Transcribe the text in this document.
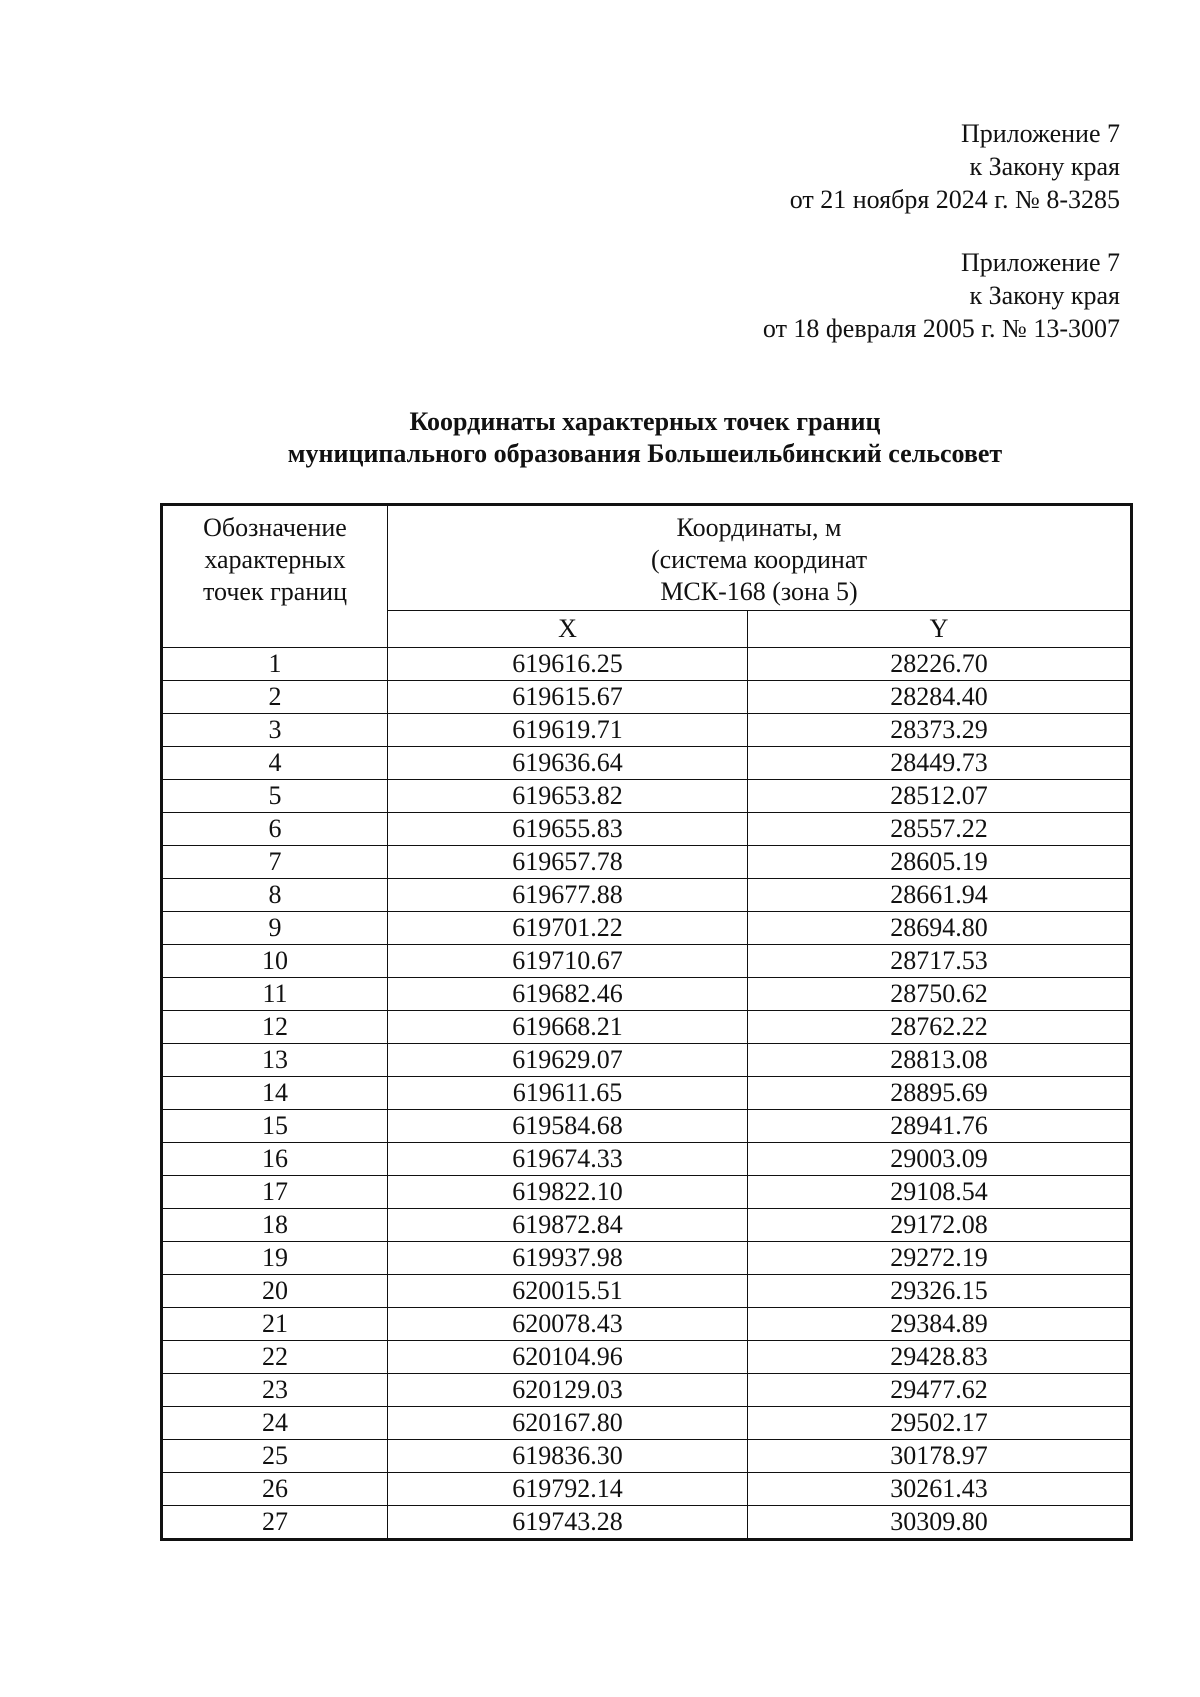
Приложение 7
к Закону края
от 21 ноября 2024 г. № 8-3285
Приложение 7
к Закону края
от 18 февраля 2005 г. № 13-3007
Координаты характерных точек границ
муниципального образования Большеильбинский сельсовет
Обозначение
характерных
точек границ	Координаты, м
(система координат
МСК-168 (зона 5)	

	X	Y
1	619616.25	28226.70
2	619615.67	28284.40
3	619619.71	28373.29
4	619636.64	28449.73
5	619653.82	28512.07
6	619655.83	28557.22
7	619657.78	28605.19
8	619677.88	28661.94
9	619701.22	28694.80
10	619710.67	28717.53
11	619682.46	28750.62
12	619668.21	28762.22
13	619629.07	28813.08
14	619611.65	28895.69
15	619584.68	28941.76
16	619674.33	29003.09
17	619822.10	29108.54
18	619872.84	29172.08
19	619937.98	29272.19
20	620015.51	29326.15
21	620078.43	29384.89
22	620104.96	29428.83
23	620129.03	29477.62
24	620167.80	29502.17
25	619836.30	30178.97
26	619792.14	30261.43
27	619743.28	30309.80
